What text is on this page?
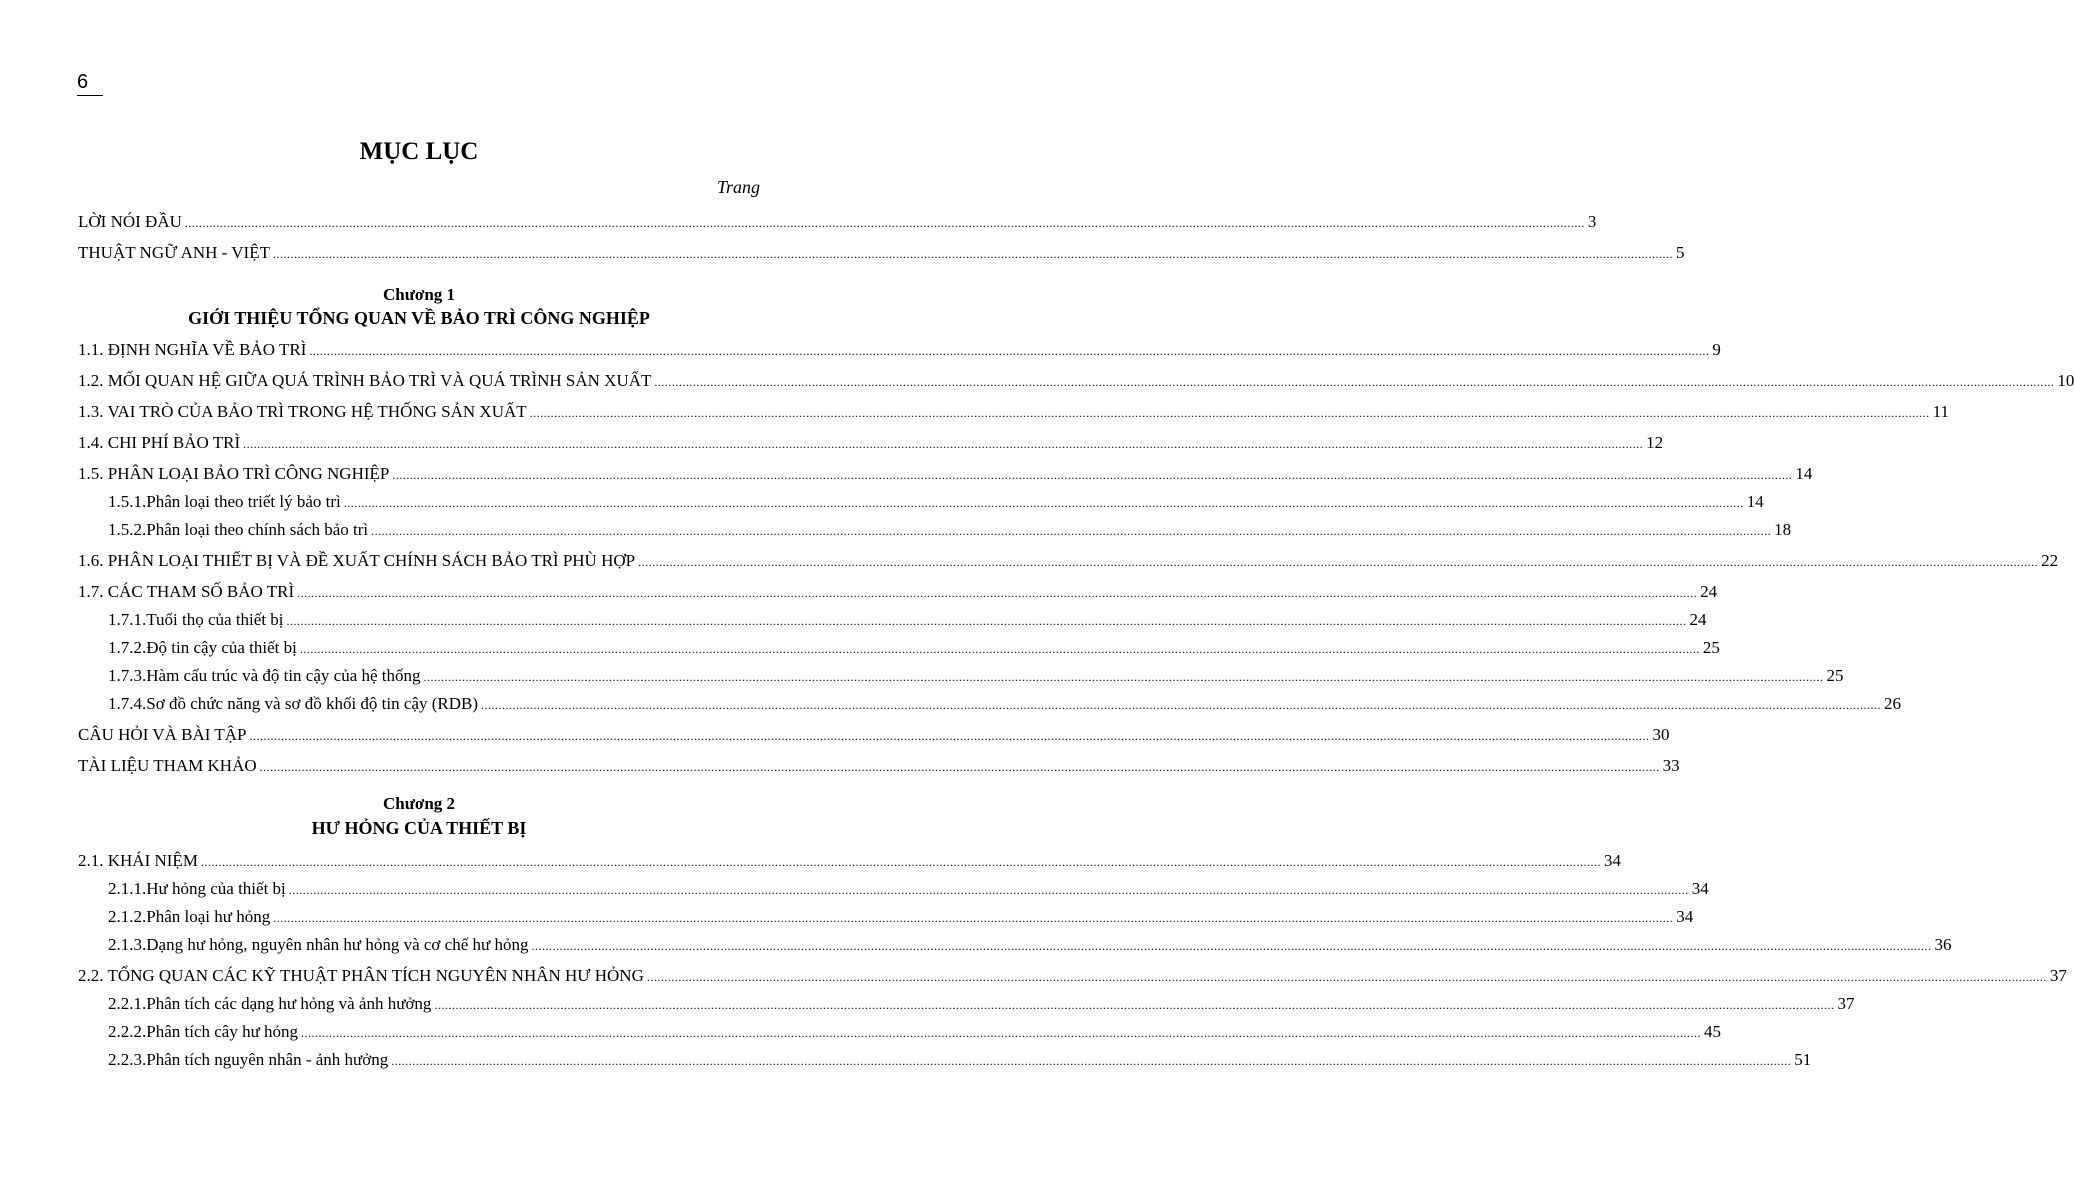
6
MỤC LỤC
Trang
LỜI NÓI ĐẦU ................................................................................................................................................................................................................................................................................................................................................................................................................ 3
THUẬT NGỮ ANH - VIỆT ................................................................................................................................................................................................................................................................................................................................................................................................................ 5
1.1. ĐỊNH NGHĨA VỀ BẢO TRÌ ................................................................................................................................................................................................................................................................................................................................................................................................................ 9
1.2. MỐI QUAN HỆ GIỮA QUÁ TRÌNH BẢO TRÌ VÀ QUÁ TRÌNH SẢN XUẤT ................................................................................................................................................................................................................................................................................................................................................................................................................ 10
1.3. VAI TRÒ CỦA BẢO TRÌ TRONG HỆ THỐNG SẢN XUẤT ................................................................................................................................................................................................................................................................................................................................................................................................................ 11
1.4. CHI PHÍ BẢO TRÌ ................................................................................................................................................................................................................................................................................................................................................................................................................ 12
1.5. PHÂN LOẠI BẢO TRÌ CÔNG NGHIỆP ................................................................................................................................................................................................................................................................................................................................................................................................................ 14
1.5.1. Phân loại theo triết lý bảo trì ................................................................................................................................................................................................................................................................................................................................................................................................................ 14
1.5.2. Phân loại theo chính sách bảo trì ................................................................................................................................................................................................................................................................................................................................................................................................................ 18
1.6. PHÂN LOẠI THIẾT BỊ VÀ ĐỀ XUẤT CHÍNH SÁCH BẢO TRÌ PHÙ HỢP ................................................................................................................................................................................................................................................................................................................................................................................................................ 22
1.7. CÁC THAM SỐ BẢO TRÌ ................................................................................................................................................................................................................................................................................................................................................................................................................ 24
1.7.1. Tuổi thọ của thiết bị ................................................................................................................................................................................................................................................................................................................................................................................................................ 24
1.7.2. Độ tin cậy của thiết bị ................................................................................................................................................................................................................................................................................................................................................................................................................ 25
1.7.3. Hàm cấu trúc và độ tin cậy của hệ thống ................................................................................................................................................................................................................................................................................................................................................................................................................ 25
1.7.4. Sơ đồ chức năng và sơ đồ khối độ tin cậy (RDB) ................................................................................................................................................................................................................................................................................................................................................................................................................ 26
CÂU HỎI VÀ BÀI TẬP ................................................................................................................................................................................................................................................................................................................................................................................................................ 30
TÀI LIỆU THAM KHẢO ................................................................................................................................................................................................................................................................................................................................................................................................................ 33
2.1. KHÁI NIỆM ................................................................................................................................................................................................................................................................................................................................................................................................................ 34
2.1.1. Hư hỏng của thiết bị ................................................................................................................................................................................................................................................................................................................................................................................................................ 34
2.1.2. Phân loại hư hỏng ................................................................................................................................................................................................................................................................................................................................................................................................................ 34
2.1.3. Dạng hư hỏng, nguyên nhân hư hỏng và cơ chế hư hỏng ................................................................................................................................................................................................................................................................................................................................................................................................................ 36
2.2. TỔNG QUAN CÁC KỸ THUẬT PHÂN TÍCH NGUYÊN NHÂN HƯ HỎNG ................................................................................................................................................................................................................................................................................................................................................................................................................ 37
2.2.1. Phân tích các dạng hư hỏng và ảnh hưởng ................................................................................................................................................................................................................................................................................................................................................................................................................ 37
2.2.2. Phân tích cây hư hỏng ................................................................................................................................................................................................................................................................................................................................................................................................................ 45
2.2.3. Phân tích nguyên nhân - ảnh hưởng ................................................................................................................................................................................................................................................................................................................................................................................................................ 51
Chương 1
GIỚI THIỆU TỔNG QUAN VỀ BẢO TRÌ CÔNG NGHIỆP
Chương 2
HƯ HỎNG CỦA THIẾT BỊ
